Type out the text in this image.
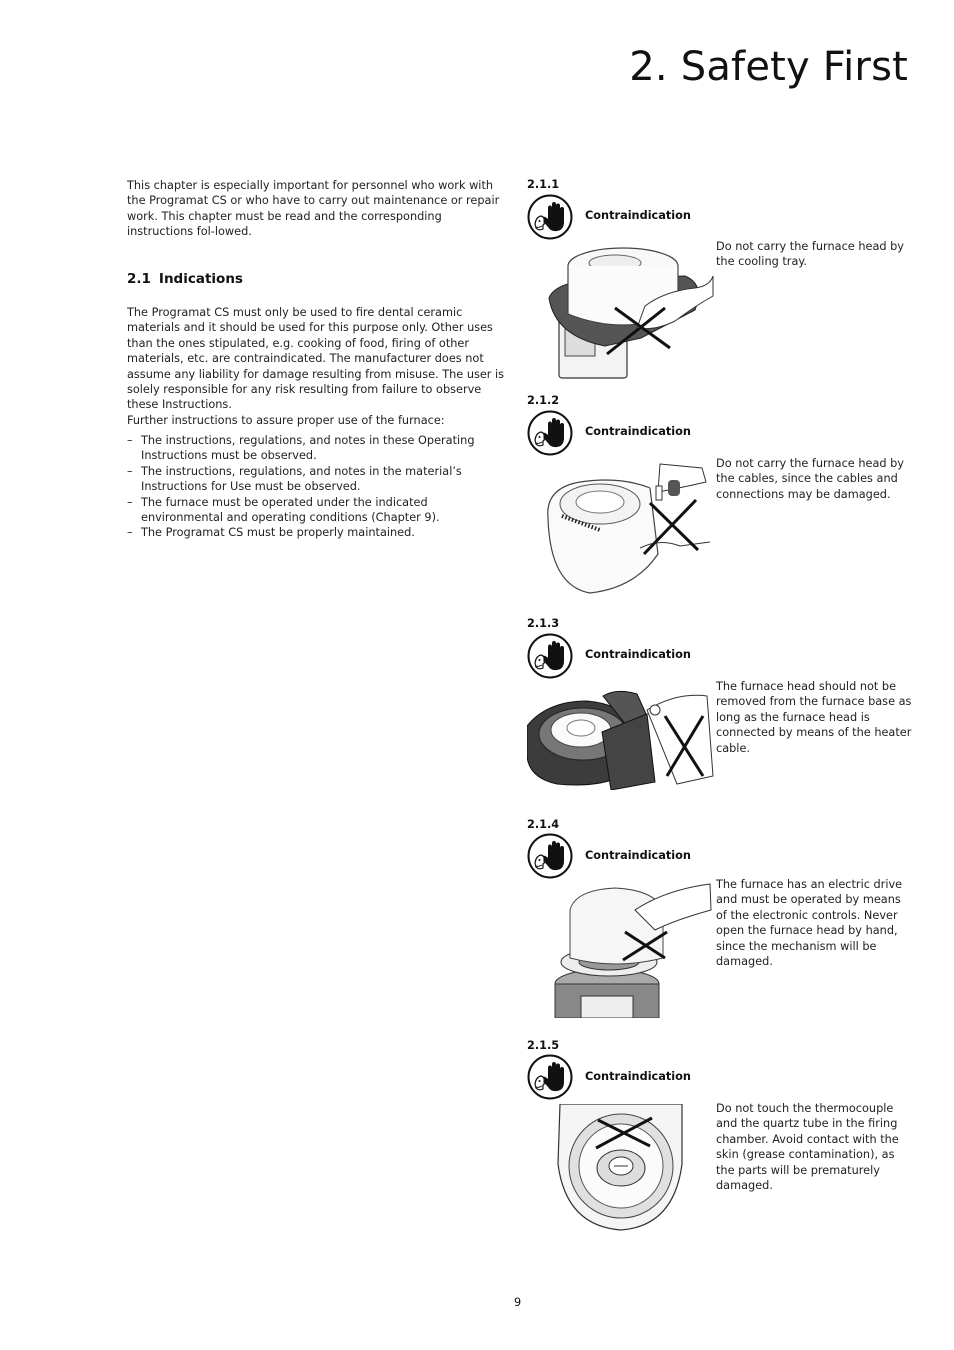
2. Safety First

This chapter is especially important for personnel who work with the Programat CS or who have to carry out maintenance or repair work. This chapter must be read and the corresponding instructions fol-lowed.

2.1 Indications

The Programat CS must only be used to fire dental ceramic materials and it should be used for this purpose only. Other uses than the ones stipulated, e.g. cooking of food, firing of other materials, etc. are contraindicated. The manufacturer does not assume any liability for damage resulting from misuse. The user is solely responsible for any risk resulting from failure to observe these Instructions.

Further instructions to assure proper use of the furnace:

– The instructions, regulations, and notes in these Operating Instructions must be observed.
– The instructions, regulations, and notes in the material’s Instructions for Use must be observed.
– The furnace must be operated under the indicated environmental and operating conditions (Chapter 9).
– The Programat CS must be properly maintained.
2.1.1
Contraindication
Do not carry the furnace head by the cooling tray.
2.1.2
Contraindication
Do not carry the furnace head by the cables, since the cables and connections may be damaged.
2.1.3
Contraindication
The furnace head should not be removed from the furnace base as long as the furnace head is connected by means of the heater cable.
2.1.4
Contraindication
The furnace has an electric drive and must be operated by means of the electronic controls. Never open the furnace head by hand, since the mechanism will be damaged.
2.1.5
Contraindication
Do not touch the thermocouple and the quartz tube in the firing chamber. Avoid contact with the skin (grease contamination), as the parts will be prematurely damaged.
9
